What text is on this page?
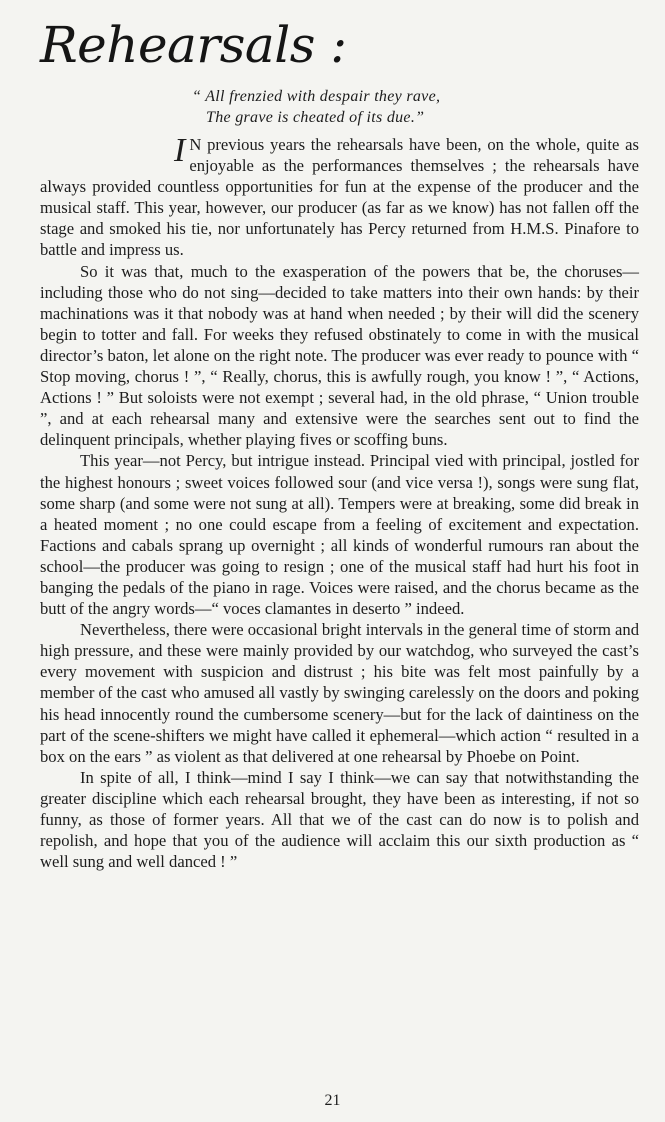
Rehearsals :
“ All frenzied with despair they rave,
The grave is cheated of its due.”

I N previous years the rehearsals have been, on the whole, quite as enjoyable as the performances themselves ; the rehearsals have always provided countless opportunities for fun at the expense of the producer and the musical staff. This year, however, our producer (as far as we know) has not fallen off the stage and smoked his tie, nor unfortunately has Percy returned from H.M.S. Pinafore to battle and impress us.

So it was that, much to the exasperation of the powers that be, the choruses—including those who do not sing—decided to take matters into their own hands: by their machinations was it that nobody was at hand when needed ; by their will did the scenery begin to totter and fall. For weeks they refused obstinately to come in with the musical director’s baton, let alone on the right note. The producer was ever ready to pounce with “ Stop moving, chorus ! ”, “ Really, chorus, this is awfully rough, you know ! ”, “ Actions, Actions ! ” But soloists were not exempt ; several had, in the old phrase, “ Union trouble ”, and at each rehearsal many and extensive were the searches sent out to find the delinquent principals, whether playing fives or scoffing buns.

This year—not Percy, but intrigue instead. Principal vied with principal, jostled for the highest honours ; sweet voices followed sour (and vice versa !), songs were sung flat, some sharp (and some were not sung at all). Tempers were at breaking, some did break in a heated moment ; no one could escape from a feeling of excitement and expectation. Factions and cabals sprang up overnight ; all kinds of wonderful rumours ran about the school—the producer was going to resign ; one of the musical staff had hurt his foot in banging the pedals of the piano in rage. Voices were raised, and the chorus became as the butt of the angry words—“ voces clamantes in deserto ” indeed.

Nevertheless, there were occasional bright intervals in the general time of storm and high pressure, and these were mainly provided by our watchdog, who surveyed the cast’s every movement with suspicion and distrust ; his bite was felt most painfully by a member of the cast who amused all vastly by swinging carelessly on the doors and poking his head innocently round the cumbersome scenery—but for the lack of daintiness on the part of the scene-shifters we might have called it ephemeral—which action “ resulted in a box on the ears ” as violent as that delivered at one rehearsal by Phoebe on Point.

In spite of all, I think—mind I say I think—we can say that notwithstanding the greater discipline which each rehearsal brought, they have been as interesting, if not so funny, as those of former years. All that we of the cast can do now is to polish and repolish, and hope that you of the audience will acclaim this our sixth production as “ well sung and well danced ! ”

21
